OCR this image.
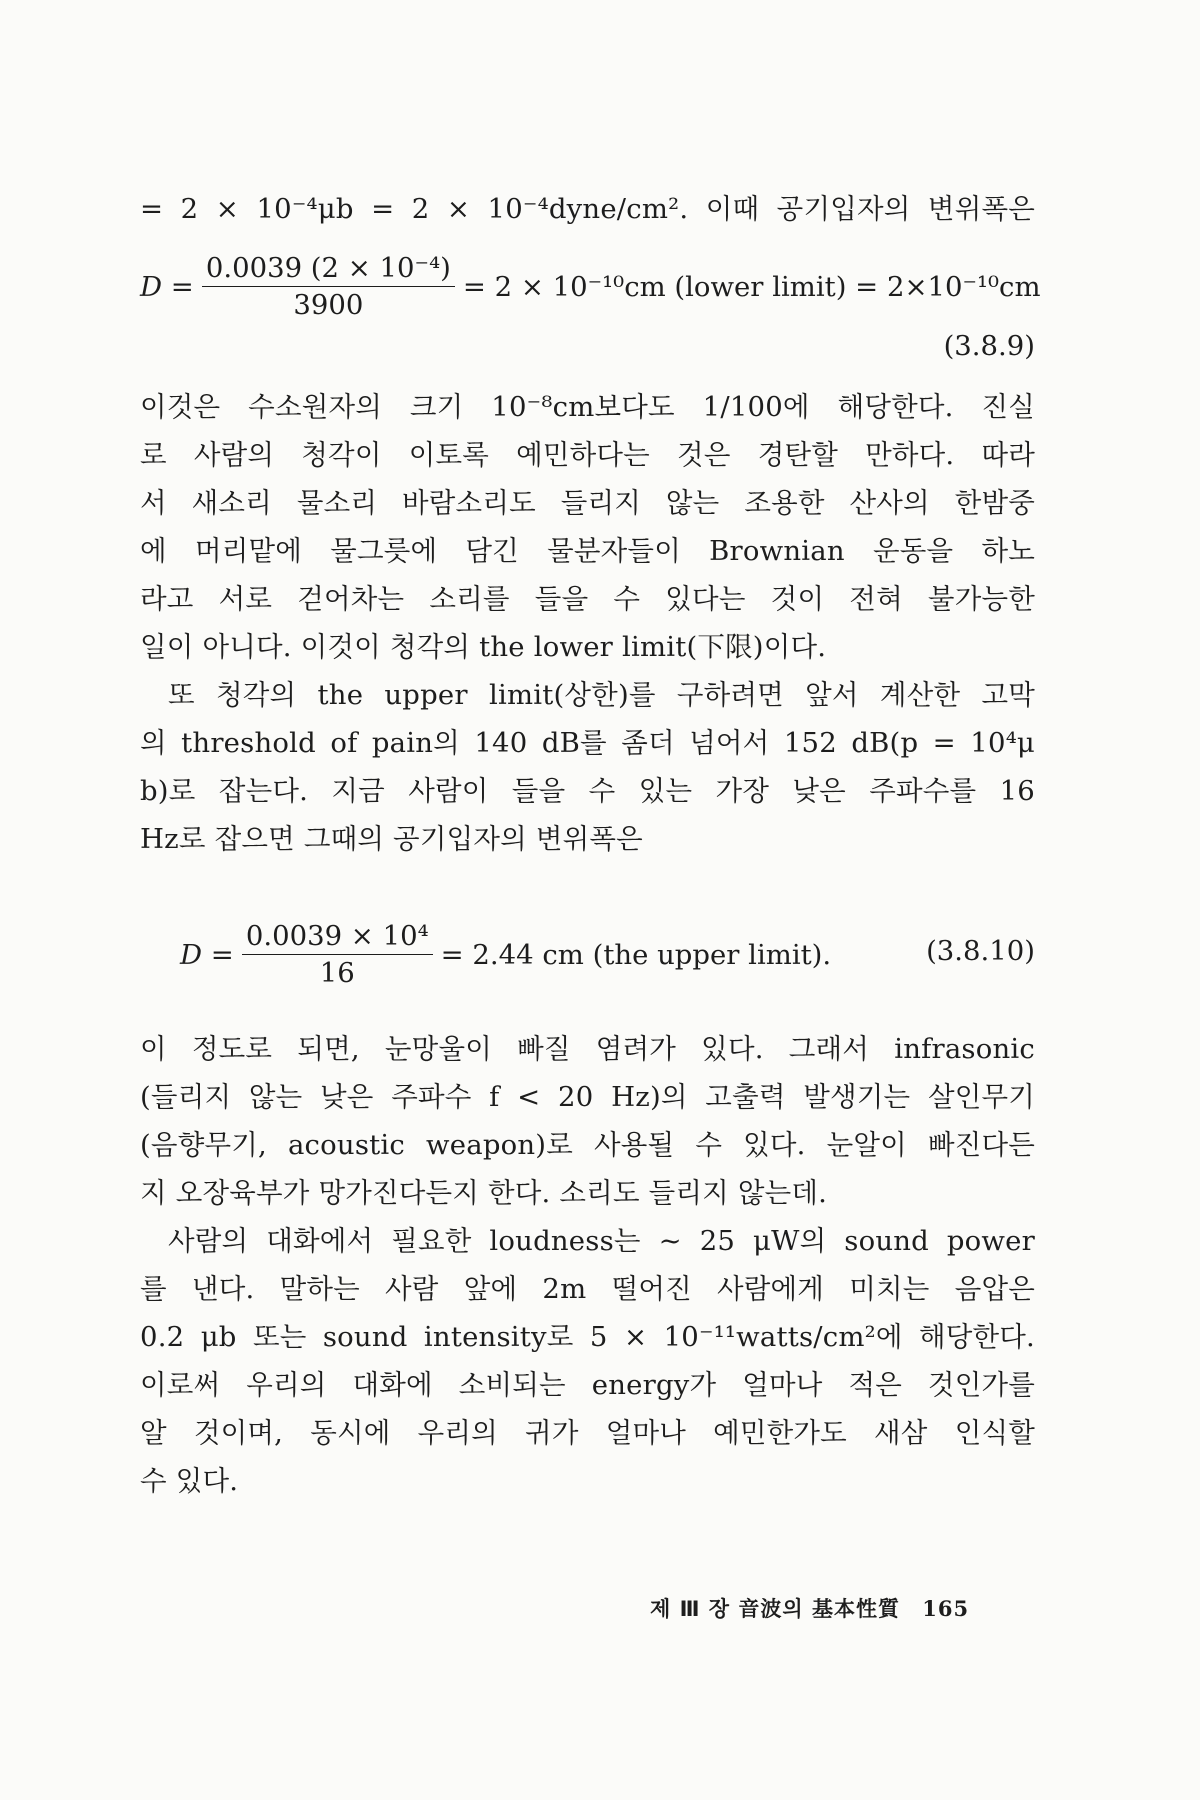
= 2 × 10⁻⁴μb = 2 × 10⁻⁴dyne/cm². 이때 공기입자의 변위폭은
$D = \frac{\text{0.0039 (2 × 10⁻⁴)}}{3900} = 2 \times 10^{-10}cm$ (lower limit) = 2×10⁻¹⁰cm
(3.8.9)
이것은 수소원자의 크기 10⁻⁸cm보다도 1/100에 해당한다. 진실
로 사람의 청각이 이토록 예민하다는 것은 경탄할 만하다. 따라
서 새소리 물소리 바람소리도 들리지 않는 조용한 산사의 한밤중
에 머리맡에 물그릇에 담긴 물분자들이 Brownian 운동을 하노
라고 서로 걷어차는 소리를 들을 수 있다는 것이 전혀 불가능한
일이 아니다. 이것이 청각의 the lower limit(下限)이다.
또 청각의 the upper limit(상한)를 구하려면 앞서 계산한 고막
의 threshold of pain의 140 dB를 좀더 넘어서 152 dB(p = 10⁴μ
b)로 잡는다. 지금 사람이 들을 수 있는 가장 낮은 주파수를 16
Hz로 잡으면 그때의 공기입자의 변위폭은
$D = \frac{\text{0.0039 × 10⁴}}{16} = 2.44$ cm (the upper limit).	(3.8.10)
이 정도로 되면, 눈망울이 빠질 염려가 있다. 그래서 infrasonic
(들리지 않는 낮은 주파수 f < 20 Hz)의 고출력 발생기는 살인무기
(음향무기, acoustic weapon)로 사용될 수 있다. 눈알이 빠진다든
지 오장육부가 망가진다든지 한다. 소리도 들리지 않는데.
사람의 대화에서 필요한 loudness는 ~ 25 μW의 sound power
를 낸다. 말하는 사람 앞에 2m 떨어진 사람에게 미치는 음압은
0.2 μb 또는 sound intensity로 5 × 10⁻¹¹watts/cm²에 해당한다.
이로써 우리의 대화에 소비되는 energy가 얼마나 적은 것인가를
알 것이며, 동시에 우리의 귀가 얼마나 예민한가도 새삼 인식할
수 있다.
제 Ⅲ 장 音波의 基本性質 165
